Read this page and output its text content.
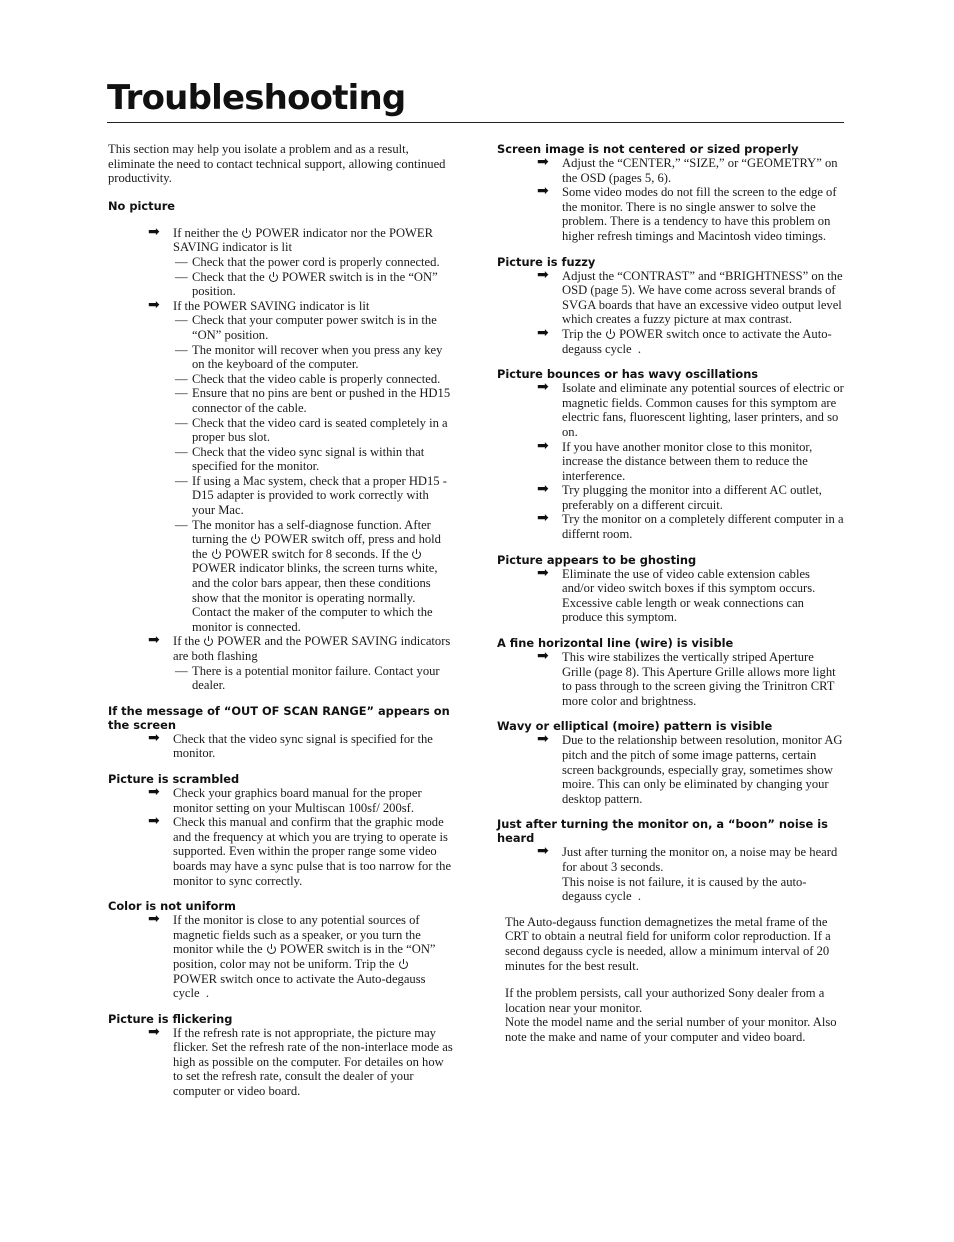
Troubleshooting

This section may help you isolate a problem and as a result, eliminate the need to contact technical support, allowing continued productivity.

No picture
➡ If neither the  POWER indicator nor the POWER SAVING indicator is lit
— Check that the power cord is properly connected.
— Check that the  POWER switch is in the “ON” position.
➡ If the POWER SAVING indicator is lit
— Check that your computer power switch is in the “ON” position.
— The monitor will recover when you press any key on the keyboard of the computer.
— Check that the video cable is properly connected.
— Ensure that no pins are bent or pushed in the HD15 connector of the cable.
— Check that the video card is seated completely in a proper bus slot.
— Check that the video sync signal is within that specified for the monitor.
— If using a Mac system, check that a proper HD15 - D15 adapter is provided to work correctly with your Mac.
— The monitor has a self-diagnose function. After turning the  POWER switch off, press and hold the  POWER switch for 8 seconds. If the  POWER indicator blinks, the screen turns white, and the color bars appear, then these conditions show that the monitor is operating normally. Contact the maker of the computer to which the monitor is connected.
➡ If the  POWER and the POWER SAVING indicators are both flashing
— There is a potential monitor failure. Contact your dealer.
If the message of “OUT OF SCAN RANGE” appears on the screen
➡ Check that the video sync signal is specified for the monitor.
Picture is scrambled
➡ Check your graphics board manual for the proper monitor setting on your Multiscan 100sf/ 200sf.
➡ Check this manual and confirm that the graphic mode and the frequency at which you are trying to operate is supported. Even within the proper range some video boards may have a sync pulse that is too narrow for the monitor to sync correctly.
Color is not uniform
➡ If the monitor is close to any potential sources of magnetic fields such as a speaker, or you turn the monitor while the  POWER switch is in the “ON” position, color may not be uniform. Trip the  POWER switch once to activate the Auto-degauss cycle  .
Picture is flickering
➡ If the refresh rate is not appropriate, the picture may flicker. Set the refresh rate of the non-interlace mode as high as possible on the computer. For detailes on how to set the refresh rate, consult the dealer of your computer or video board.
Screen image is not centered or sized properly
➡ Adjust the “CENTER,” “SIZE,” or “GEOMETRY” on the OSD (pages 5, 6).
➡ Some video modes do not fill the screen to the edge of the monitor. There is no single answer to solve the problem. There is a tendency to have this problem on higher refresh timings and Macintosh video timings.
Picture is fuzzy
➡ Adjust the “CONTRAST” and “BRIGHTNESS” on the OSD (page 5). We have come across several brands of SVGA boards that have an excessive video output level which creates a fuzzy picture at max contrast.
➡ Trip the  POWER switch once to activate the Auto-degauss cycle  .
Picture bounces or has wavy oscillations
➡ Isolate and eliminate any potential sources of electric or magnetic fields. Common causes for this symptom are electric fans, fluorescent lighting, laser printers, and so on.
➡ If you have another monitor close to this monitor, increase the distance between them to reduce the interference.
➡ Try plugging the monitor into a different AC outlet, preferably on a different circuit.
➡ Try the monitor on a completely different computer in a differnt room.
Picture appears to be ghosting
➡ Eliminate the use of video cable extension cables and/or video switch boxes if this symptom occurs. Excessive cable length or weak connections can produce this symptom.
A fine horizontal line (wire) is visible
➡ This wire stabilizes the vertically striped Aperture Grille (page 8). This Aperture Grille allows more light to pass through to the screen giving the Trinitron CRT more color and brightness.
Wavy or elliptical (moire) pattern is visible
➡ Due to the relationship between resolution, monitor AG pitch and the pitch of some image patterns, certain screen backgrounds, especially gray, sometimes show moire. This can only be eliminated by changing your desktop pattern.
Just after turning the monitor on, a “boon” noise is heard
➡ Just after turning the monitor on, a noise may be heard for about 3 seconds.
This noise is not failure, it is caused by the auto-degauss cycle  .

The Auto-degauss function demagnetizes the metal frame of the CRT to obtain a neutral field for uniform color reproduction. If a second degauss cycle is needed, allow a minimum interval of 20 minutes for the best result.

If the problem persists, call your authorized Sony dealer from a location near your monitor.
Note the model name and the serial number of your monitor. Also note the make and name of your computer and video board.
